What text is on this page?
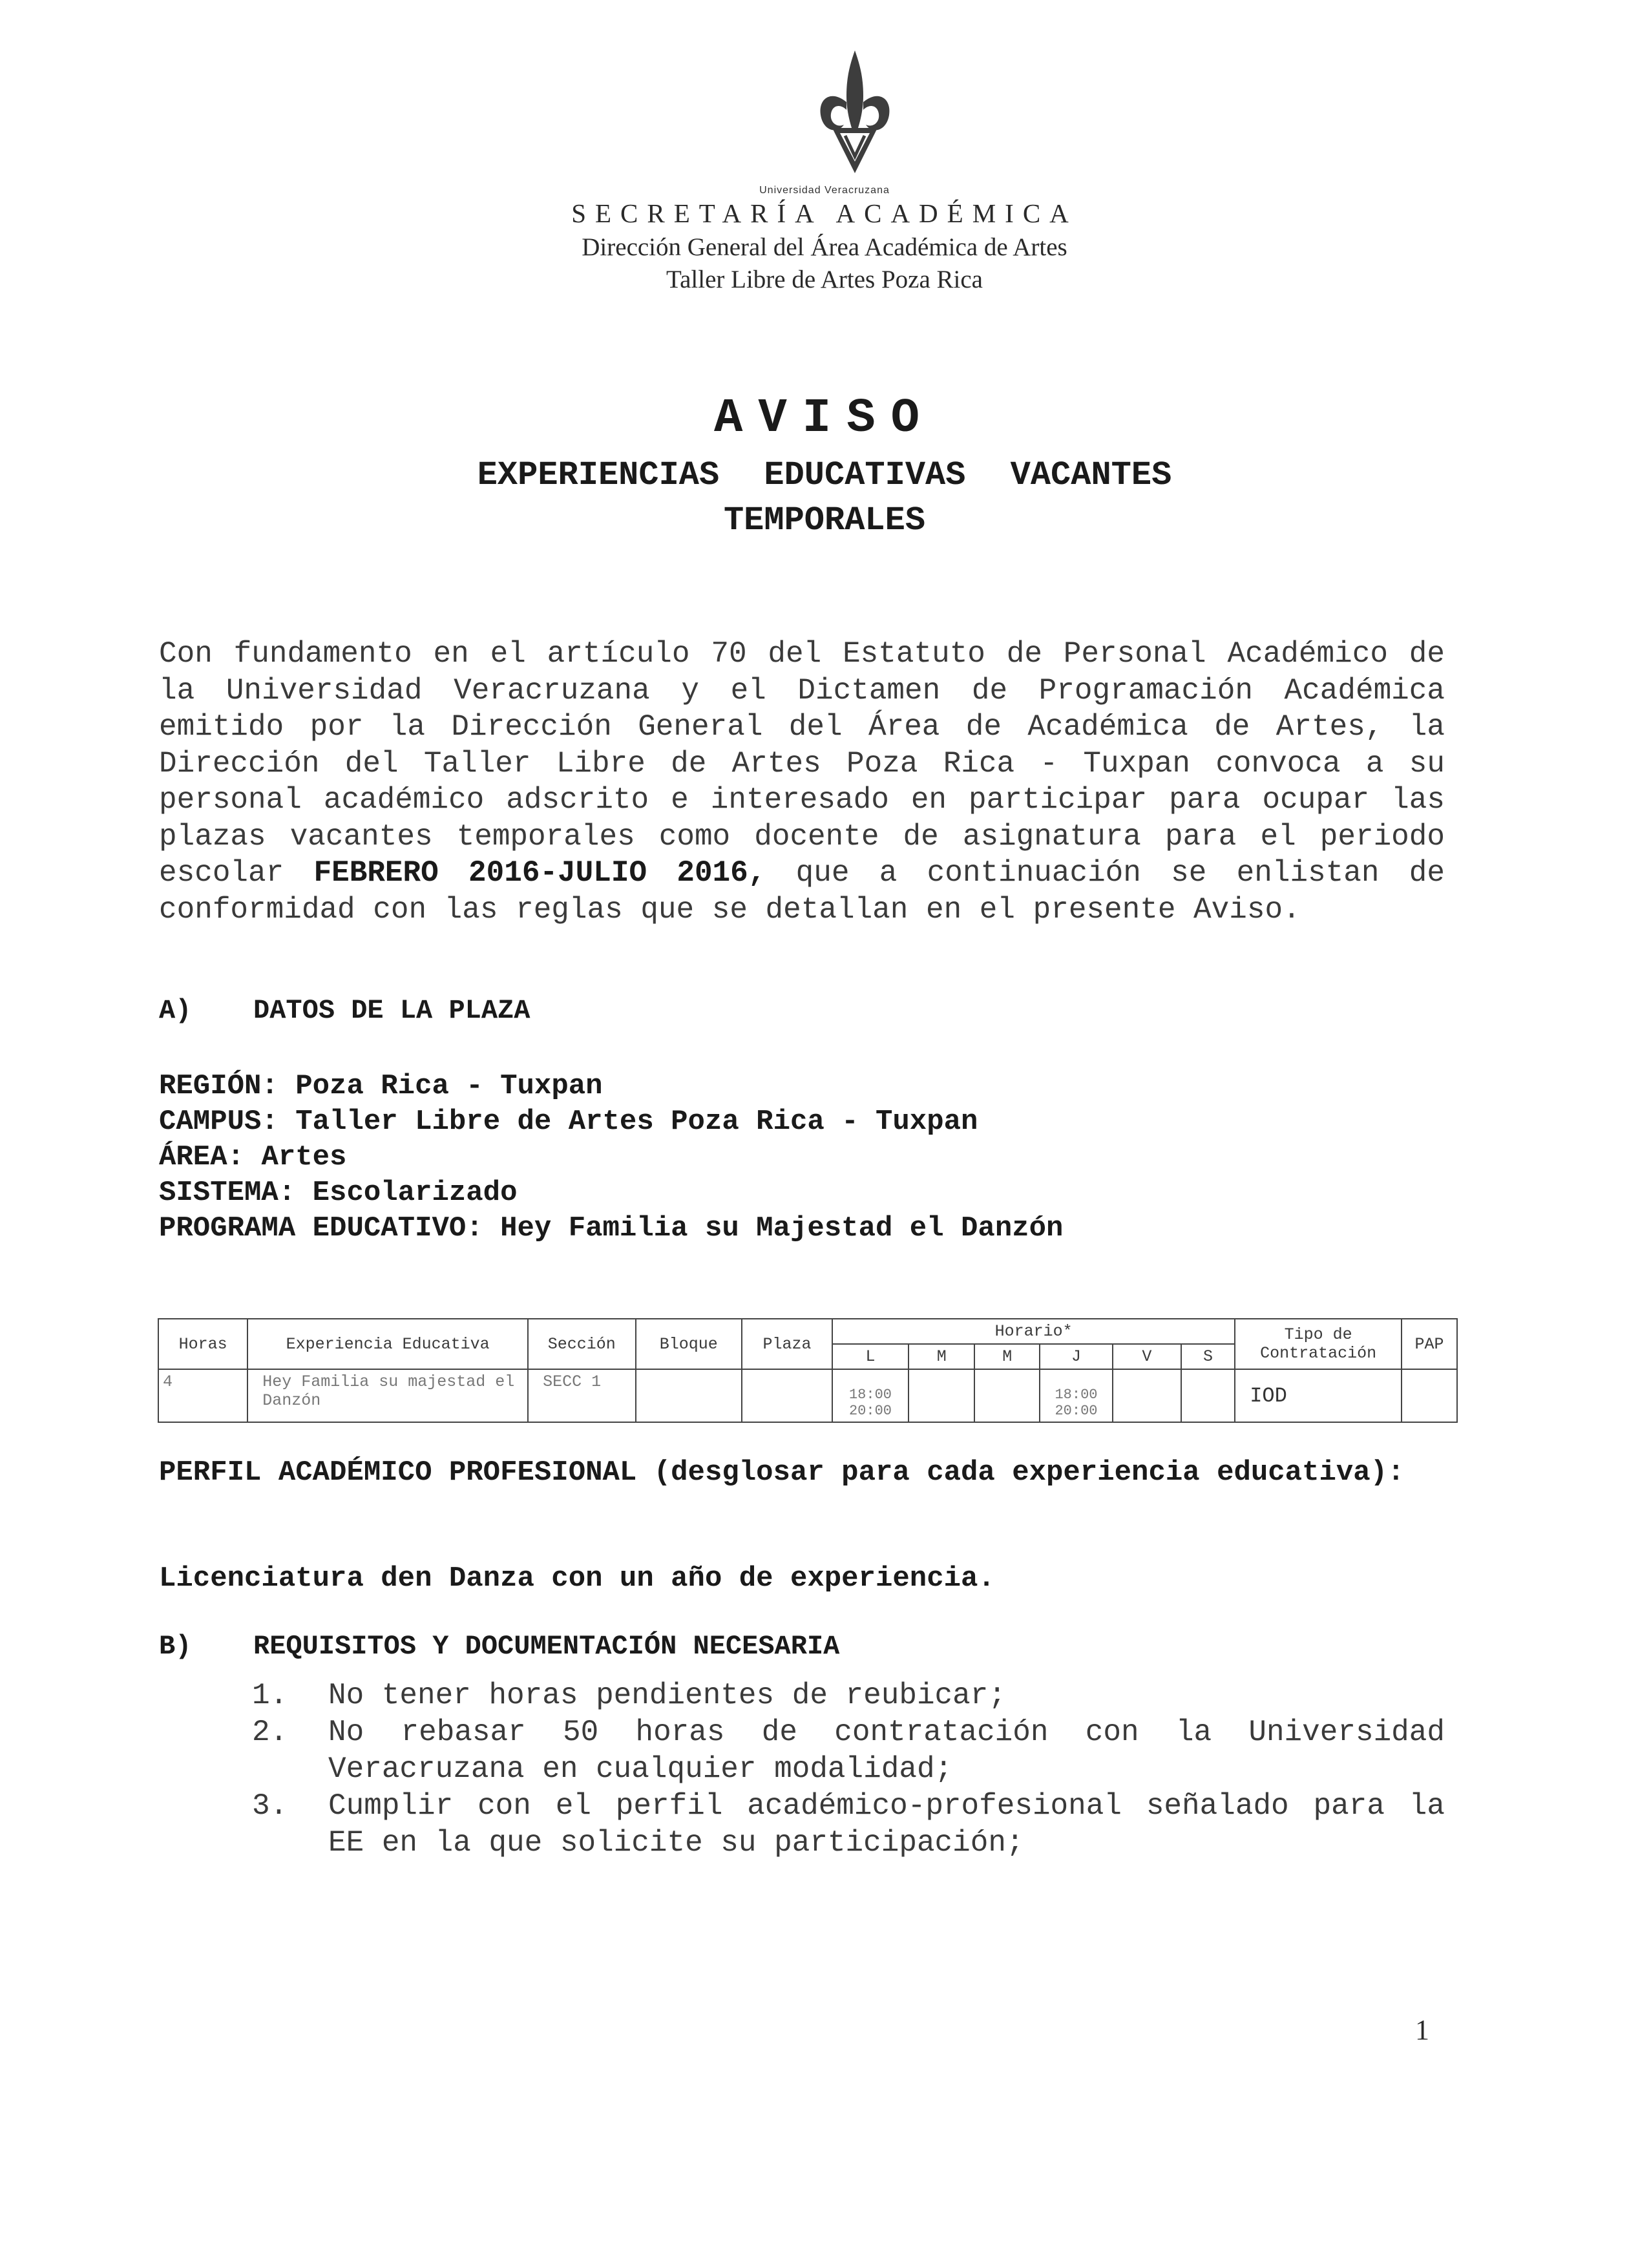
Universidad Veracruzana
SECRETARÍA ACADÉMICA
Dirección General del Área Académica de Artes
Taller Libre de Artes Poza Rica
AVISO
EXPERIENCIAS EDUCATIVAS VACANTES
TEMPORALES
Con fundamento en el artículo 70 del Estatuto de Personal Académico de la Universidad Veracruzana y el Dictamen de Programación Académica emitido por la Dirección General del Área de Académica de Artes, la Dirección del Taller Libre de Artes Poza Rica - Tuxpan convoca a su personal académico adscrito e interesado en participar para ocupar las plazas vacantes temporales como docente de asignatura para el periodo escolar FEBRERO 2016-JULIO 2016, que a continuación se enlistan de conformidad con las reglas que se detallan en el presente Aviso.
A) DATOS DE LA PLAZA
REGIÓN: Poza Rica - Tuxpan
CAMPUS: Taller Libre de Artes Poza Rica - Tuxpan
ÁREA: Artes
SISTEMA: Escolarizado
PROGRAMA EDUCATIVO: Hey Familia su Majestad el Danzón
Horas	Experiencia Educativa	Sección	Bloque	Plaza	Horario*						Tipo de Contratación	PAP
					L	M	M	J	V	S		
4	Hey Familia su majestad el Danzón	SECC 1			18:00 20:00			18:00 20:00			IOD	
PERFIL ACADÉMICO PROFESIONAL (desglosar para cada experiencia educativa):
Licenciatura den Danza con un año de experiencia.
B) REQUISITOS Y DOCUMENTACIÓN NECESARIA
1. No tener horas pendientes de reubicar;
2. No rebasar 50 horas de contratación con la Universidad Veracruzana en cualquier modalidad;
3. Cumplir con el perfil académico-profesional señalado para la EE en la que solicite su participación;
1
